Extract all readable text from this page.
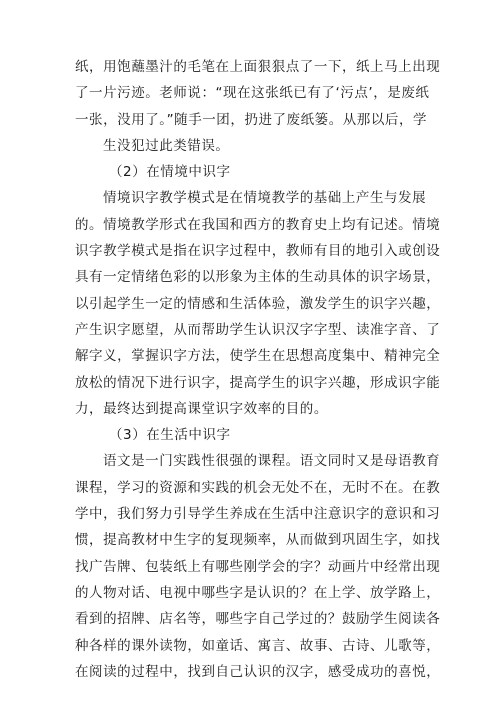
纸，用饱蘸墨汁的毛笔在上面狠狠点了一下，纸上马上出现
了一片污迹。老师说：“现在这张纸已有了‘污点’，是废纸
一张，没用了。”随手一团，扔进了废纸篓。从那以后，学
生没犯过此类错误。
（2）在情境中识字
情境识字教学模式是在情境教学的基础上产生与发展
的。情境教学形式在我国和西方的教育史上均有记述。情境
识字教学模式是指在识字过程中，教师有目的地引入或创设
具有一定情绪色彩的以形象为主体的生动具体的识字场景，
以引起学生一定的情感和生活体验，激发学生的识字兴趣，
产生识字愿望，从而帮助学生认识汉字字型、读准字音、了
解字义，掌握识字方法，使学生在思想高度集中、精神完全
放松的情况下进行识字，提高学生的识字兴趣，形成识字能
力，最终达到提高课堂识字效率的目的。
（3）在生活中识字
语文是一门实践性很强的课程。语文同时又是母语教育
课程，学习的资源和实践的机会无处不在，无时不在。在教
学中，我们努力引导学生养成在生活中注意识字的意识和习
惯，提高教材中生字的复现频率，从而做到巩固生字，如找
找广告牌、包装纸上有哪些刚学会的字？动画片中经常出现
的人物对话、电视中哪些字是认识的？在上学、放学路上，
看到的招牌、店名等，哪些字自己学过的？鼓励学生阅读各
种各样的课外读物，如童话、寓言、故事、古诗、儿歌等，
在阅读的过程中，找到自己认识的汉字，感受成功的喜悦，
